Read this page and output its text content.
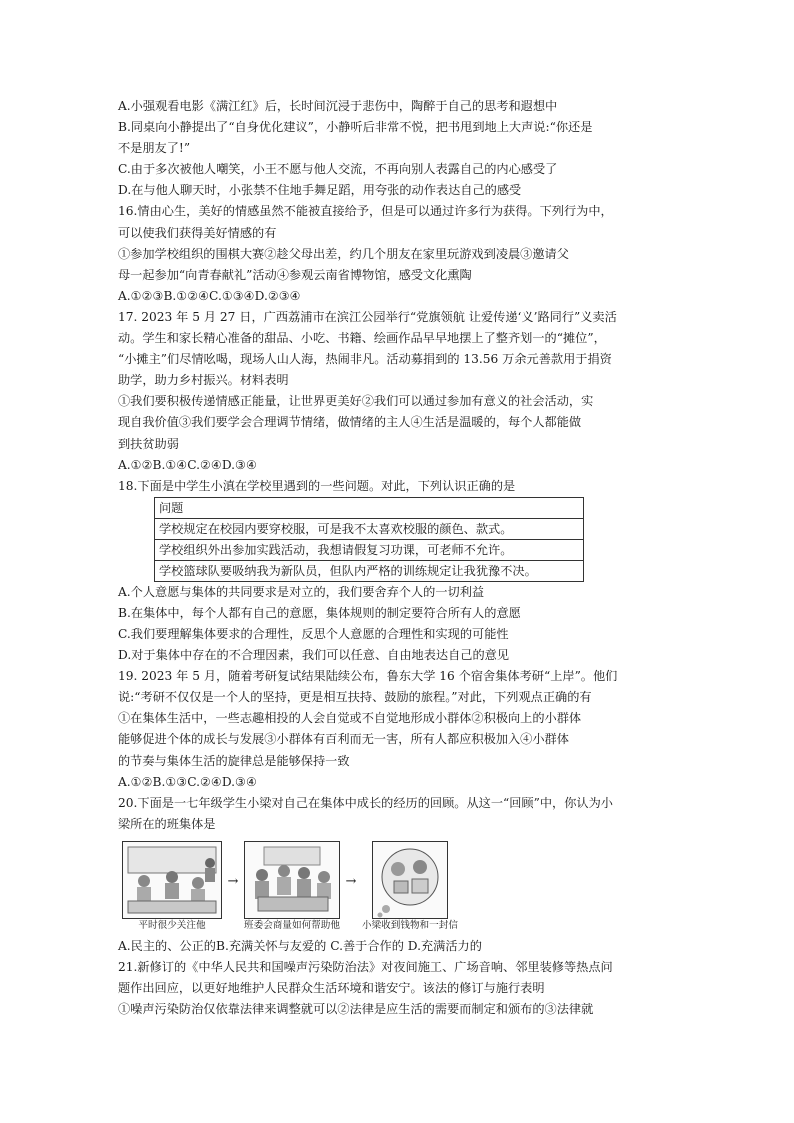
A.小强观看电影《满江红》后，长时间沉浸于悲伤中，陶醉于自己的思考和遐想中
B.同桌向小静提出了“自身优化建议”，小静听后非常不悦，把书甩到地上大声说:“你还是
不是朋友了!”
C.由于多次被他人嘲笑，小王不愿与他人交流，不再向别人表露自己的内心感受了
D.在与他人聊天时，小张禁不住地手舞足蹈，用夸张的动作表达自己的感受
16.情由心生，美好的情感虽然不能被直接给予，但是可以通过许多行为获得。下列行为中，
可以使我们获得美好情感的有
①参加学校组织的围棋大赛②趁父母出差，约几个朋友在家里玩游戏到凌晨③邀请父
母一起参加“向青春献礼”活动④参观云南省博物馆，感受文化熏陶
A.①②③B.①②④C.①③④D.②③④
17. 2023 年 5 月 27 日，广西荔浦市在滨江公园举行“党旗领航 让爱传递‘义’路同行”义卖活
动。学生和家长精心准备的甜品、小吃、书籍、绘画作品早早地摆上了整齐划一的“摊位”，
“小摊主”们尽情吆喝，现场人山人海，热闹非凡。活动募捐到的 13.56 万余元善款用于捐资
助学，助力乡村振兴。材料表明
①我们要积极传递情感正能量，让世界更美好②我们可以通过参加有意义的社会活动，实
现自我价值③我们要学会合理调节情绪，做情绪的主人④生活是温暖的，每个人都能做
到扶贫助弱
A.①②B.①④C.②④D.③④
18.下面是中学生小滇在学校里遇到的一些问题。对此，下列认识正确的是
问题
学校规定在校园内要穿校服，可是我不太喜欢校服的颜色、款式。
学校组织外出参加实践活动，我想请假复习功课，可老师不允许。
学校篮球队要吸纳我为新队员，但队内严格的训练规定让我犹豫不决。
A.个人意愿与集体的共同要求是对立的，我们要舍弃个人的一切利益
B.在集体中，每个人都有自己的意愿，集体规则的制定要符合所有人的意愿
C.我们要理解集体要求的合理性，反思个人意愿的合理性和实现的可能性
D.对于集体中存在的不合理因素，我们可以任意、自由地表达自己的意见
19. 2023 年 5 月，随着考研复试结果陆续公布，鲁东大学 16 个宿舍集体考研“上岸”。他们
说:“考研不仅仅是一个人的坚持，更是相互扶持、鼓励的旅程。”对此，下列观点正确的有
①在集体生活中，一些志趣相投的人会自觉或不自觉地形成小群体②积极向上的小群体
能够促进个体的成长与发展③小群体有百利而无一害，所有人都应积极加入④小群体
的节奏与集体生活的旋律总是能够保持一致
A.①②B.①③C.②④D.③④
20.下面是一七年级学生小梁对自己在集体中成长的经历的回顾。从这一“回顾”中，你认为小
梁所在的班集体是
平时很少关注他
→
班委会商量如何帮助他
→
小梁收到钱物和一封信
A.民主的、公正的B.充满关怀与友爱的 C.善于合作的 D.充满活力的
21.新修订的《中华人民共和国噪声污染防治法》对夜间施工、广场音响、邻里装修等热点问
题作出回应，以更好地维护人民群众生活环境和谐安宁。该法的修订与施行表明
①噪声污染防治仅依靠法律来调整就可以②法律是应生活的需要而制定和颁布的③法律就
